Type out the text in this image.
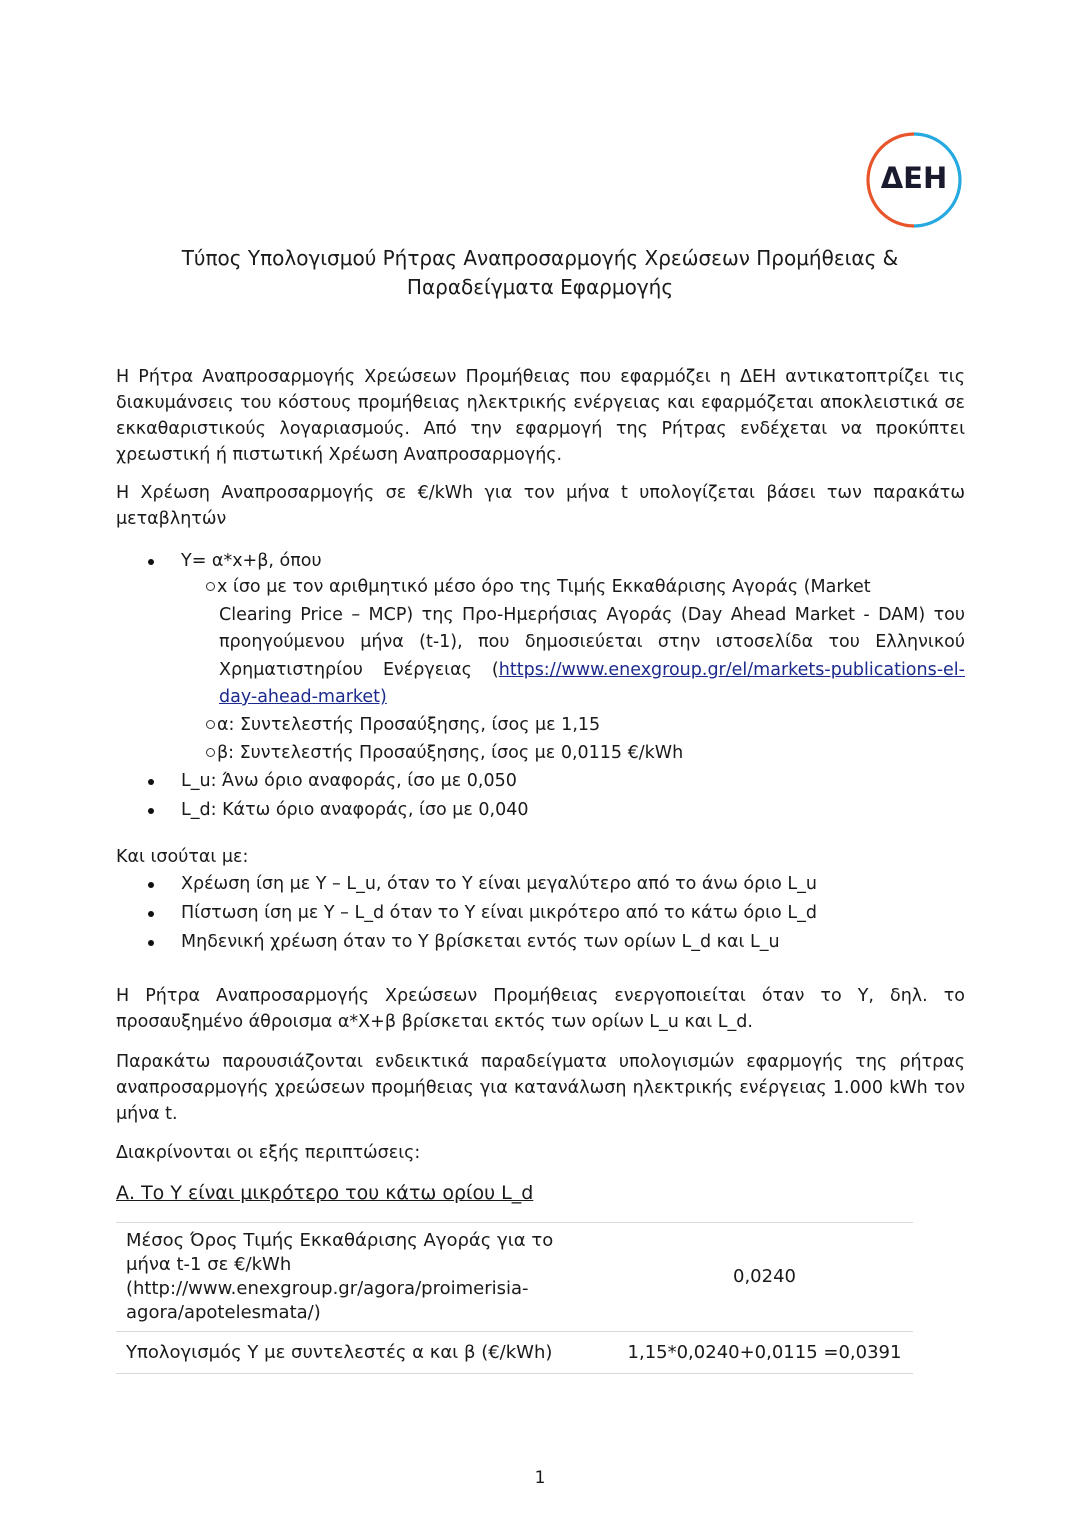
ΔΕΗ
Τύπος Υπολογισμού Ρήτρας Αναπροσαρμογής Χρεώσεων Προμήθειας &
Παραδείγματα Εφαρμογής
Η Ρήτρα Αναπροσαρμογής Χρεώσεων Προμήθειας που εφαρμόζει η ΔΕΗ αντικατοπτρίζει τις διακυμάνσεις του κόστους προμήθειας ηλεκτρικής ενέργειας και εφαρμόζεται αποκλειστικά σε εκκαθαριστικούς λογαριασμούς. Από την εφαρμογή της Ρήτρας ενδέχεται να προκύπτει χρεωστική ή πιστωτική Χρέωση Αναπροσαρμογής.
Η Χρέωση Αναπροσαρμογής σε €/kWh για τον μήνα t υπολογίζεται βάσει των παρακάτω μεταβλητών
Y= α*x+β, όπου
x ίσο με τον αριθμητικό μέσο όρο της Τιμής Εκκαθάρισης Αγοράς (Market
Clearing Price – MCP) της Προ-Ημερήσιας Αγοράς (Day Ahead Market - DAM) του προηγούμενου μήνα (t-1), που δημοσιεύεται στην ιστοσελίδα του Ελληνικού Χρηματιστηρίου Ενέργειας (https://www.enexgroup.gr/el/markets-publications-el-day-ahead-market)
α: Συντελεστής Προσαύξησης, ίσος με 1,15
β: Συντελεστής Προσαύξησης, ίσος με 0,0115 €/kWh
L_u: Άνω όριο αναφοράς, ίσο με 0,050
L_d: Κάτω όριο αναφοράς, ίσο με 0,040
Και ισούται με:
Χρέωση ίση με Y – L_u, όταν το Y είναι μεγαλύτερο από το άνω όριο L_u
Πίστωση ίση με Y – L_d όταν το Y είναι μικρότερο από το κάτω όριο L_d
Μηδενική χρέωση όταν το Y βρίσκεται εντός των ορίων L_d και L_u
Η Ρήτρα Αναπροσαρμογής Χρεώσεων Προμήθειας ενεργοποιείται όταν το Y, δηλ. το προσαυξημένο άθροισμα α*X+β βρίσκεται εκτός των ορίων L_u και L_d.
Παρακάτω παρουσιάζονται ενδεικτικά παραδείγματα υπολογισμών εφαρμογής της ρήτρας αναπροσαρμογής χρεώσεων προμήθειας για κατανάλωση ηλεκτρικής ενέργειας 1.000 kWh τον μήνα t.
Διακρίνονται οι εξής περιπτώσεις:
Α. Το Υ είναι μικρότερο του κάτω ορίου L_d
Μέσος Όρος Τιμής Εκκαθάρισης Αγοράς για το
μήνα t-1 σε €/kWh
(http://www.enexgroup.gr/agora/proimerisia-
agora/apotelesmata/)
0,0240
Υπολογισμός Y με συντελεστές α και β (€/kWh)	1,15*0,0240+0,0115 =0,0391
1
